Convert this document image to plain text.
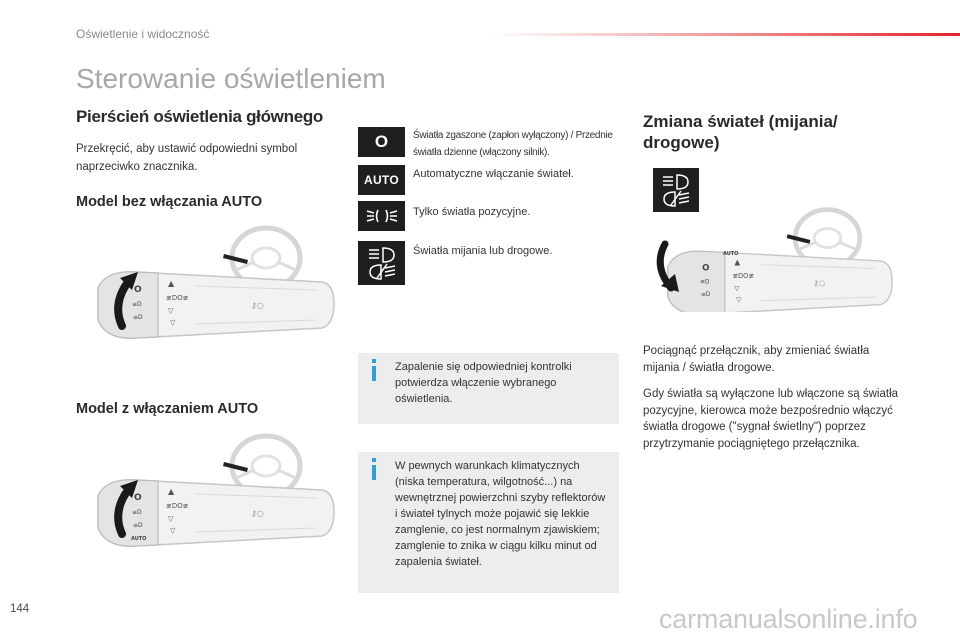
Oświetlenie i widoczność
Sterowanie oświetleniem
Pierścień oświetlenia głównego
Przekręcić, aby ustawić odpowiedni symbol naprzeciwko znacznika.
Model bez włączania AUTO
Model z włączaniem AUTO
AUTO
O Światła zgaszone (zapłon wyłączony) / Przednie światła dzienne (włączony silnik).
AUTO Automatyczne włączanie świateł.
Tylko światła pozycyjne.
Światła mijania lub drogowe.
Zapalenie się odpowiedniej kontrolki potwierdza włączenie wybranego oświetlenia.
W pewnych warunkach klimatycznych (niska temperatura, wilgotność...) na wewnętrznej powierzchni szyby reflektorów i świateł tylnych może pojawić się lekkie zamglenie, co jest normalnym zjawiskiem; zamglenie to znika w ciągu kilku minut od zapalenia świateł.
Zmiana świateł (mijania/ drogowe)
AUTO
Pociągnąć przełącznik, aby zmieniać światła mijania / światła drogowe.
Gdy światła są wyłączone lub włączone są światła pozycyjne, kierowca może bezpośrednio włączyć światła drogowe ("sygnał świetlny") poprzez przytrzymanie pociągniętego przełącznika.
144	carmanualsonline.info
